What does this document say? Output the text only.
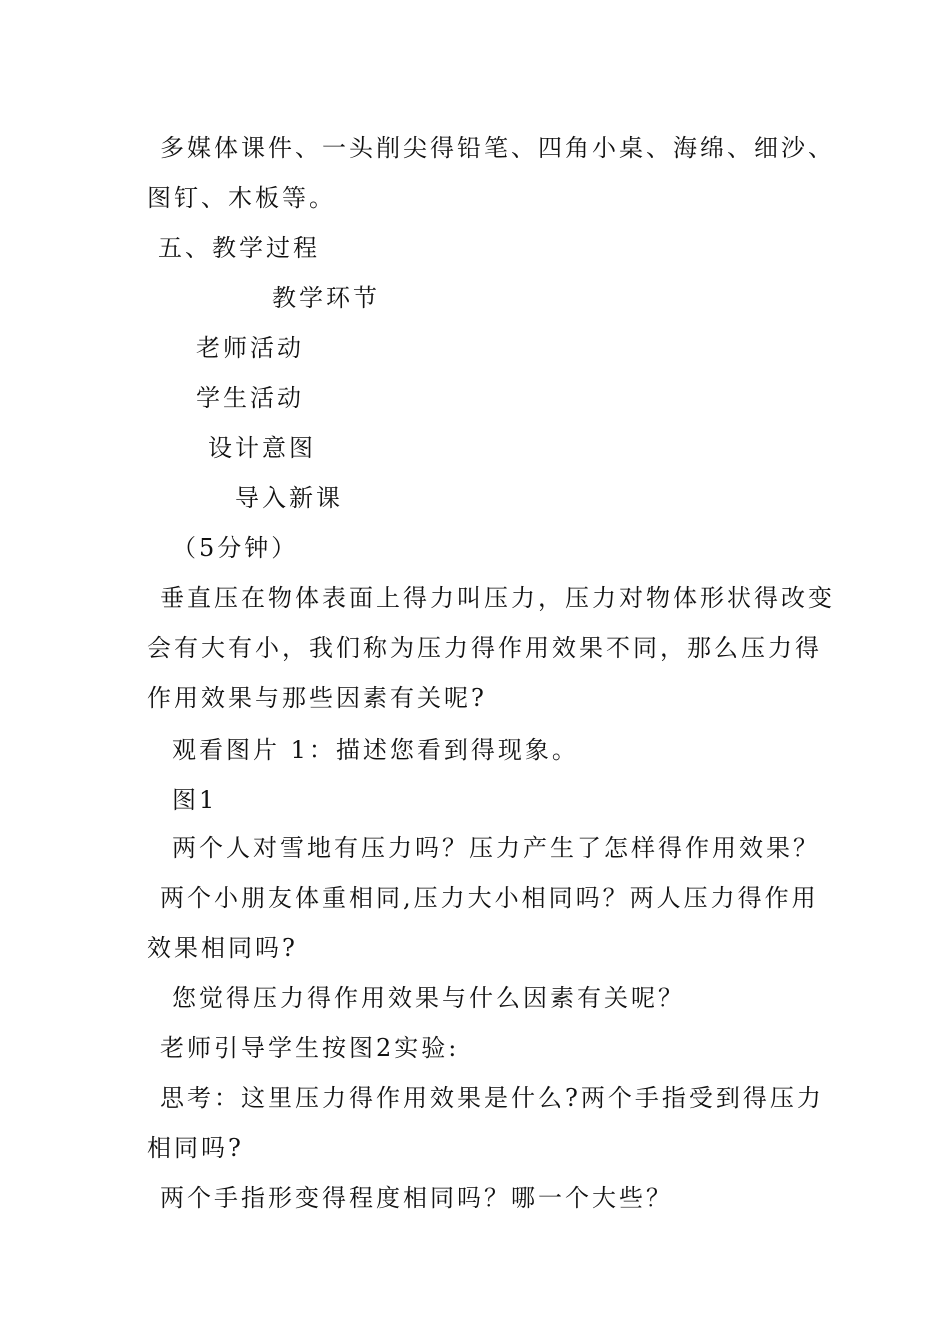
多媒体课件、一头削尖得铅笔、四角小桌、海绵、细沙、
图钉、木板等。
五、教学过程
教学环节
老师活动
学生活动
设计意图
导入新课
（5分钟）
垂直压在物体表面上得力叫压力，压力对物体形状得改变
会有大有小，我们称为压力得作用效果不同，那么压力得
作用效果与那些因素有关呢?
观看图片 1：描述您看到得现象。
图1
两个人对雪地有压力吗？压力产生了怎样得作用效果？
两个小朋友体重相同,压力大小相同吗？两人压力得作用
效果相同吗?
您觉得压力得作用效果与什么因素有关呢？
老师引导学生按图2实验:
思考：这里压力得作用效果是什么?两个手指受到得压力
相同吗?
两个手指形变得程度相同吗？哪一个大些？
